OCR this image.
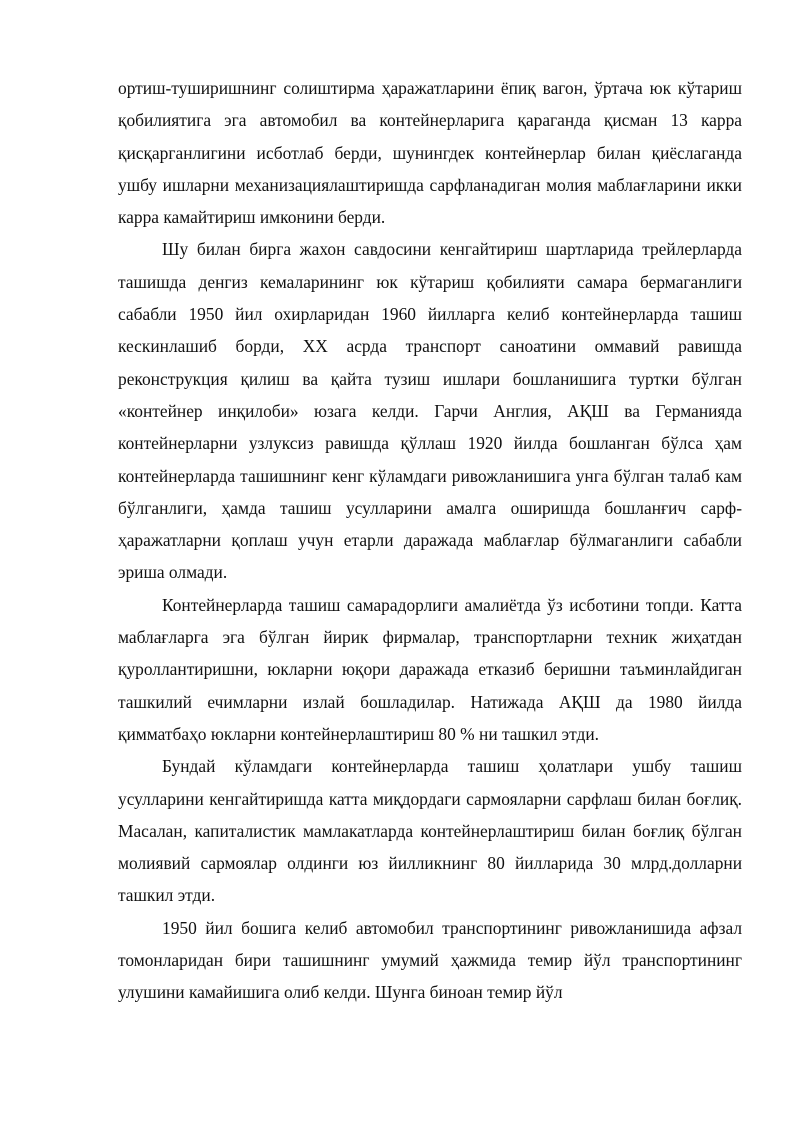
ортиш-туширишнинг солиштирма ҳаражатларини ёпиқ вагон, ўртача юк кўтариш қобилиятига эга автомобил ва контейнерларига қараганда қисман 13 карра қисқарганлигини исботлаб берди, шунингдек контейнерлар билан қиёслаганда ушбу ишларни механизациялаштиришда сарфланадиган молия маблағларини икки карра камайтириш имконини берди.

Шу билан бирга жахон савдосини кенгайтириш шартларида трейлерларда ташишда денгиз кемаларининг юк кўтариш қобилияти самара бермаганлиги сабабли 1950 йил охирларидан 1960 йилларга келиб контейнерларда ташиш кескинлашиб борди, XX асрда транспорт саноатини оммавий равишда реконструкция қилиш ва қайта тузиш ишлари бошланишига туртки бўлган «контейнер инқилоби» юзага келди. Гарчи Англия, АҚШ ва Германияда контейнерларни узлуксиз равишда қўллаш 1920 йилда бошланган бўлса ҳам контейнерларда ташишнинг кенг кўламдаги ривожланишига унга бўлган талаб кам бўлганлиги, ҳамда ташиш усулларини амалга оширишда бошланғич сарф-ҳаражатларни қоплаш учун етарли даражада маблағлар бўлмаганлиги сабабли эриша олмади.

Контейнерларда ташиш самарадорлиги амалиётда ўз исботини топди. Катта маблағларга эга бўлган йирик фирмалар, транспортларни техник жиҳатдан қуроллантиришни, юкларни юқори даражада етказиб беришни таъминлайдиган ташкилий ечимларни излай бошладилар. Натижада АҚШ да 1980 йилда қимматбаҳо юкларни контейнерлаштириш 80 % ни ташкил этди.

Бундай кўламдаги контейнерларда ташиш ҳолатлари ушбу ташиш усулларини кенгайтиришда катта миқдордаги сармояларни сарфлаш билан боғлиқ. Масалан, капиталистик мамлакатларда контейнерлаштириш билан боғлиқ бўлган молиявий сармоялар олдинги юз йилликнинг 80 йилларида 30 млрд.долларни ташкил этди.

1950 йил бошига келиб автомобил транспортининг ривожланишида афзал томонларидан бири ташишнинг умумий ҳажмида темир йўл транспортининг улушини камайишига олиб келди. Шунга биноан темир йўл
